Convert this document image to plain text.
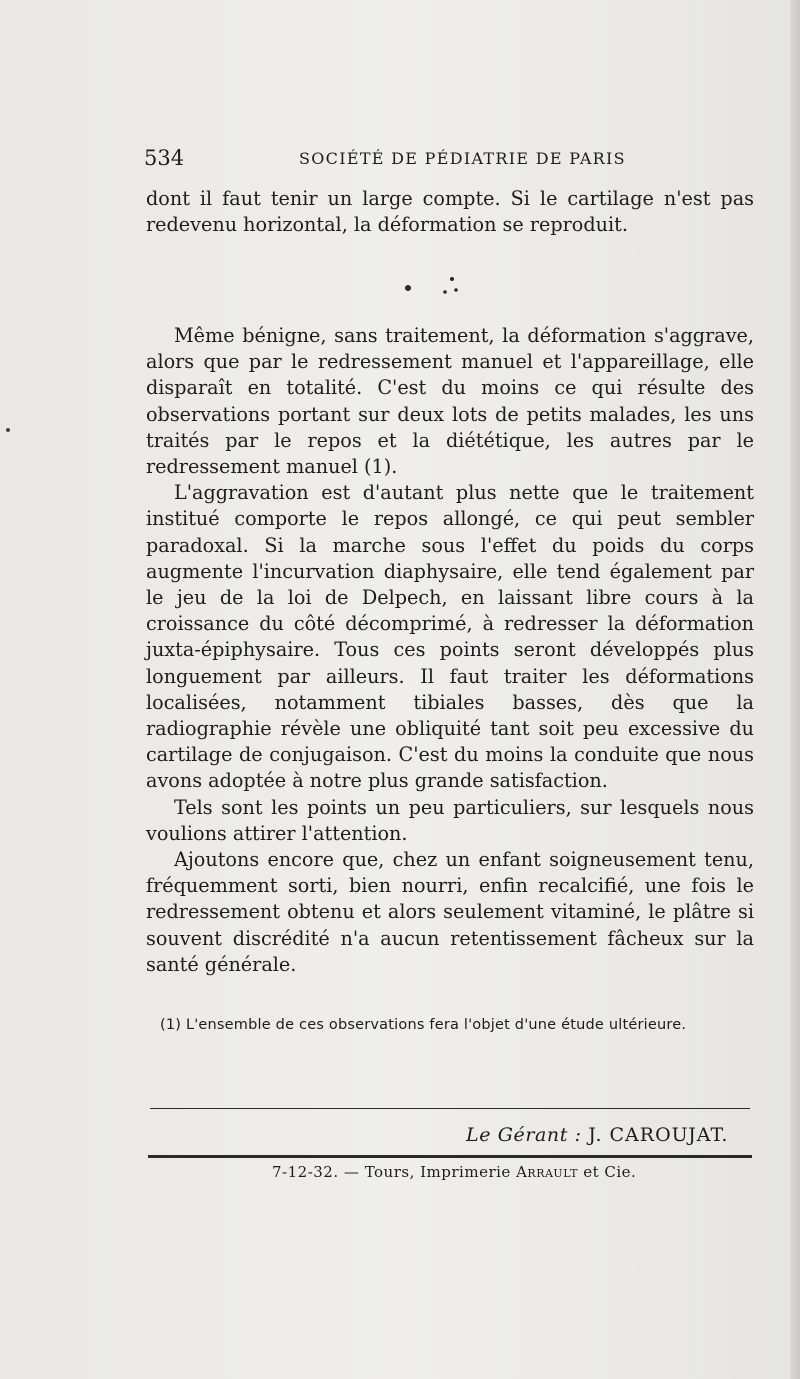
534	SOCIÉTÉ DE PÉDIATRIE DE PARIS

dont il faut tenir un large compte. Si le cartilage n'est pas redevenu horizontal, la déformation se reproduit.

Même bénigne, sans traitement, la déformation s'aggrave, alors que par le redressement manuel et l'appareillage, elle disparaît en totalité. C'est du moins ce qui résulte des observations portant sur deux lots de petits malades, les uns traités par le repos et la diététique, les autres par le redressement manuel (1).

L'aggravation est d'autant plus nette que le traitement institué comporte le repos allongé, ce qui peut sembler paradoxal. Si la marche sous l'effet du poids du corps augmente l'incurvation diaphysaire, elle tend également par le jeu de la loi de Delpech, en laissant libre cours à la croissance du côté décomprimé, à redresser la déformation juxta-épiphysaire. Tous ces points seront développés plus longuement par ailleurs. Il faut traiter les déformations localisées, notamment tibiales basses, dès que la radiographie révèle une obliquité tant soit peu excessive du cartilage de conjugaison. C'est du moins la conduite que nous avons adoptée à notre plus grande satisfaction.

Tels sont les points un peu particuliers, sur lesquels nous voulions attirer l'attention.

Ajoutons encore que, chez un enfant soigneusement tenu, fréquemment sorti, bien nourri, enfin recalcifié, une fois le redressement obtenu et alors seulement vitaminé, le plâtre si souvent discrédité n'a aucun retentissement fâcheux sur la santé générale.

(1) L'ensemble de ces observations fera l'objet d'une étude ultérieure.
Le Gérant : J. CAROUJAT.
7-12-32. — Tours, Imprimerie Arrault et Cie.
